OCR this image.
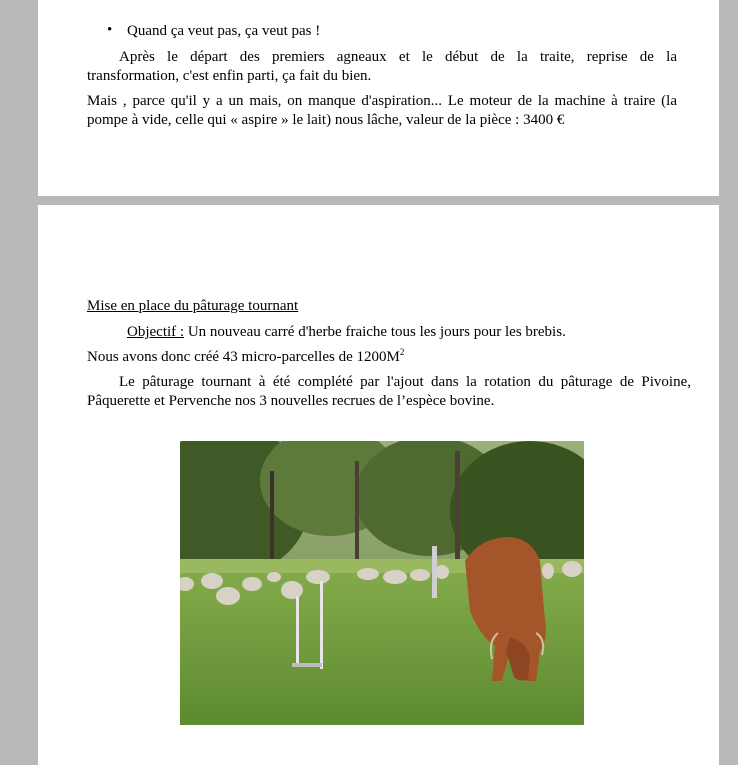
• Quand ça veut pas, ça veut pas !
Après le départ des premiers agneaux et le début de la traite, reprise de la
transformation, c'est enfin parti, ça fait du bien.
Mais , parce qu'il y a un mais, on manque d'aspiration... Le moteur de la machine à traire (la
pompe à vide, celle qui « aspire » le lait) nous lâche, valeur de la pièce : 3400 €
Mise en place du pâturage tournant
Objectif : Un nouveau carré d'herbe fraiche tous les jours pour les brebis.
Nous avons donc créé 43 micro-parcelles de $1200M^2$
Le pâturage tournant à été complété par l'ajout dans la rotation du pâturage de Pivoine,
Pâquerette et Pervenche nos 3 nouvelles recrues de l’espèce bovine.
